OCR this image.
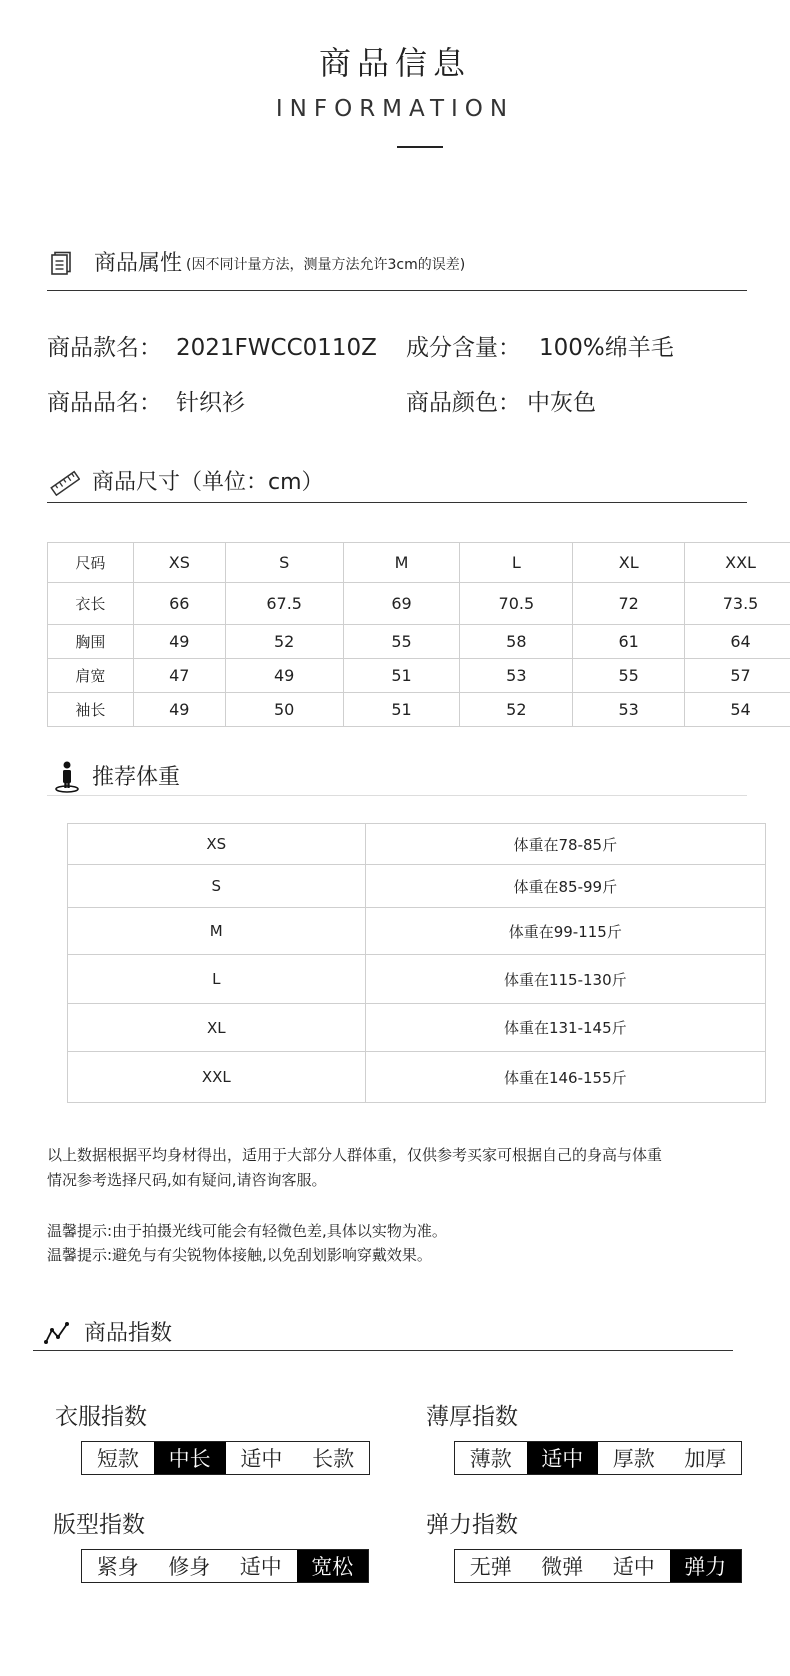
商品信息
INFORMATION
商品属性 (因不同计量方法，测量方法允许3cm的误差)
商品款名： 2021FWCC0110Z 成分含量： 100%绵羊毛
商品品名： 针织衫	商品颜色： 中灰色
商品尺寸（单位：cm）
尺码	XS	S	M	L	XL	XXL
衣长	66	67.5	69	70.5	72	73.5
胸围	49	52	55	58	61	64
肩宽	47	49	51	53	55	57
袖长	49	50	51	52	53	54
推荐体重
XS	体重在78-85斤
S	体重在85-99斤
M	体重在99-115斤
L	体重在115-130斤
XL	体重在131-145斤
XXL	体重在146-155斤
以上数据根据平均身材得出，适用于大部分人群体重，仅供参考买家可根据自己的身高与体重
情况参考选择尺码,如有疑问,请咨询客服。
温馨提示:由于拍摄光线可能会有轻微色差,具体以实物为准。
温馨提示:避免与有尖锐物体接触,以免刮划影响穿戴效果。
商品指数
衣服指数
短款	中长	适中	长款
薄厚指数
薄款	适中	厚款	加厚
版型指数
紧身	修身	适中	宽松
弹力指数
无弹	微弹	适中	弹力
